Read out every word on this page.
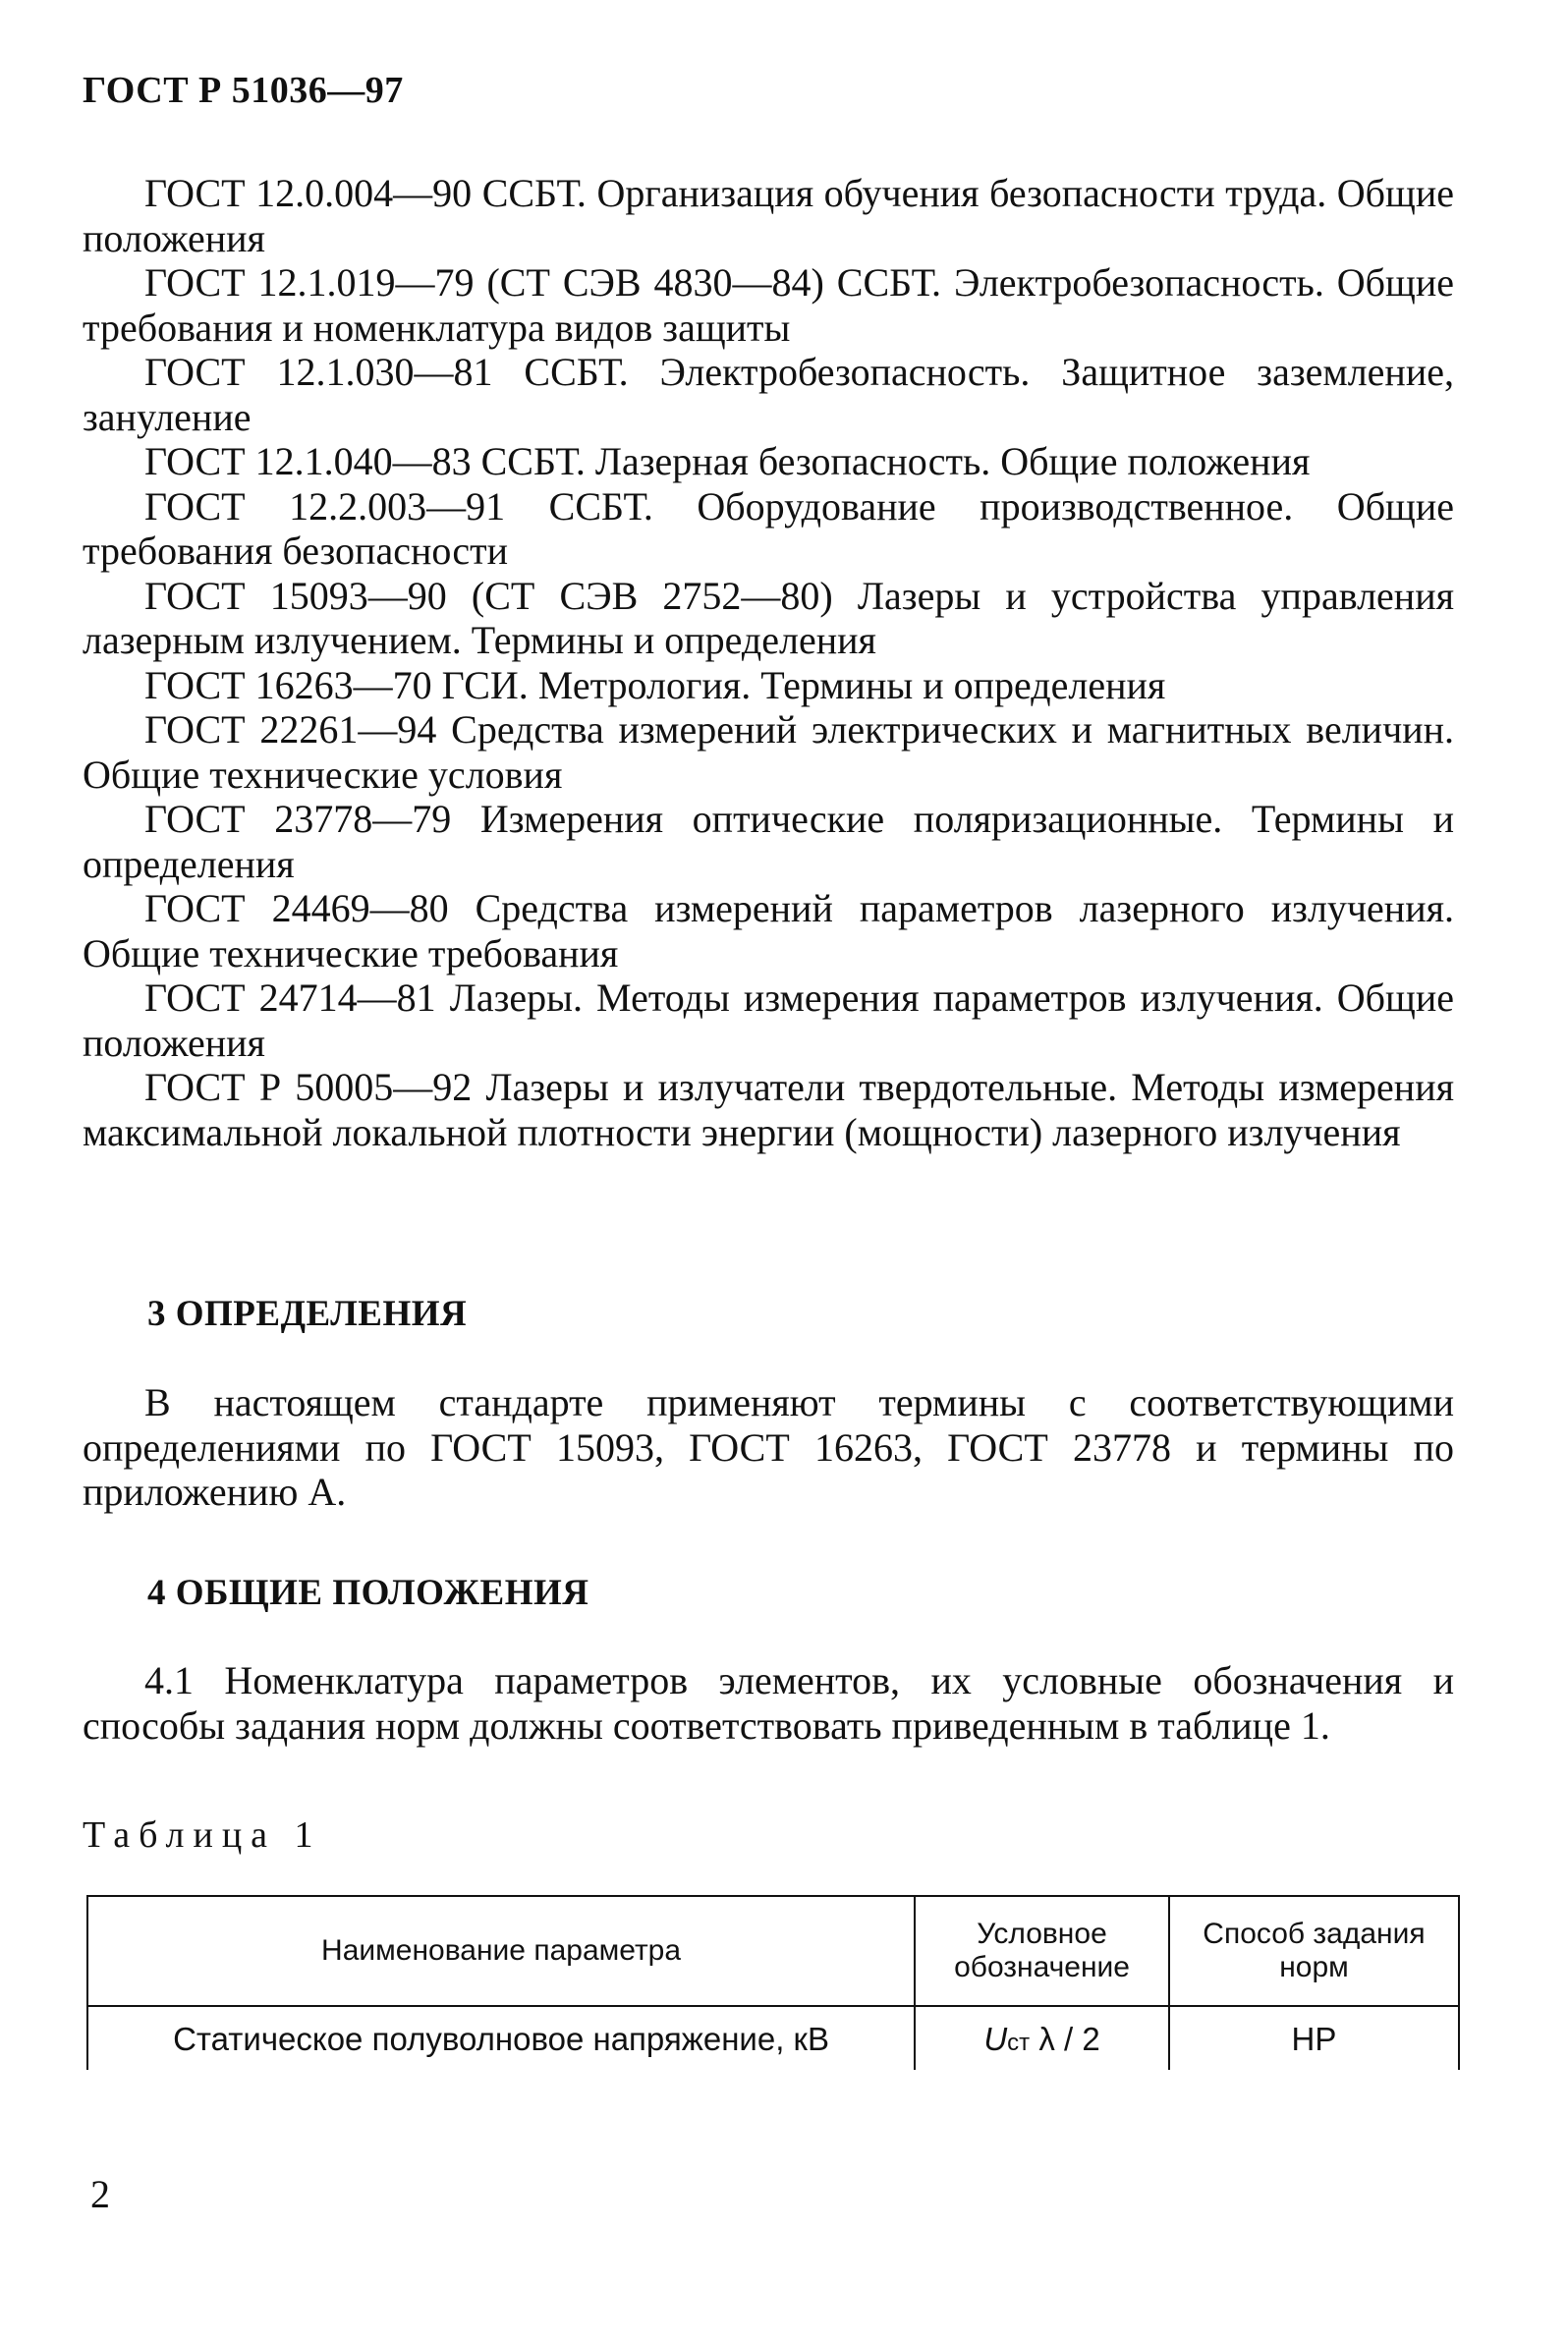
ГОСТ Р 51036—97

ГОСТ 12.0.004—90 ССБТ. Организация обучения безопасности труда. Общие положения

ГОСТ 12.1.019—79 (СТ СЭВ 4830—84) ССБТ. Электробезопасность. Общие требования и номенклатура видов защиты

ГОСТ 12.1.030—81 ССБТ. Электробезопасность. Защитное заземление, зануление

ГОСТ 12.1.040—83 ССБТ. Лазерная безопасность. Общие положения

ГОСТ 12.2.003—91 ССБТ. Оборудование производственное. Общие требования безопасности

ГОСТ 15093—90 (СТ СЭВ 2752—80) Лазеры и устройства управления лазерным излучением. Термины и определения

ГОСТ 16263—70 ГСИ. Метрология. Термины и определения

ГОСТ 22261—94 Средства измерений электрических и магнитных величин. Общие технические условия

ГОСТ 23778—79 Измерения оптические поляризационные. Термины и определения

ГОСТ 24469—80 Средства измерений параметров лазерного излучения. Общие технические требования

ГОСТ 24714—81 Лазеры. Методы измерения параметров излучения. Общие положения

ГОСТ Р 50005—92 Лазеры и излучатели твердотельные. Методы измерения максимальной локальной плотности энергии (мощности) лазерного излучения

3 ОПРЕДЕЛЕНИЯ

В настоящем стандарте применяют термины с соответствующими определениями по ГОСТ 15093, ГОСТ 16263, ГОСТ 23778 и термины по приложению А.

4 ОБЩИЕ ПОЛОЖЕНИЯ

4.1 Номенклатура параметров элементов, их условные обозначения и способы задания норм должны соответствовать приведенным в таблице 1.

Таблица 1
Наименование параметра	Условное обозначение	Способ задания норм
Статическое полуволновое напряжение, кВ	Uст λ / 2	НР
2
